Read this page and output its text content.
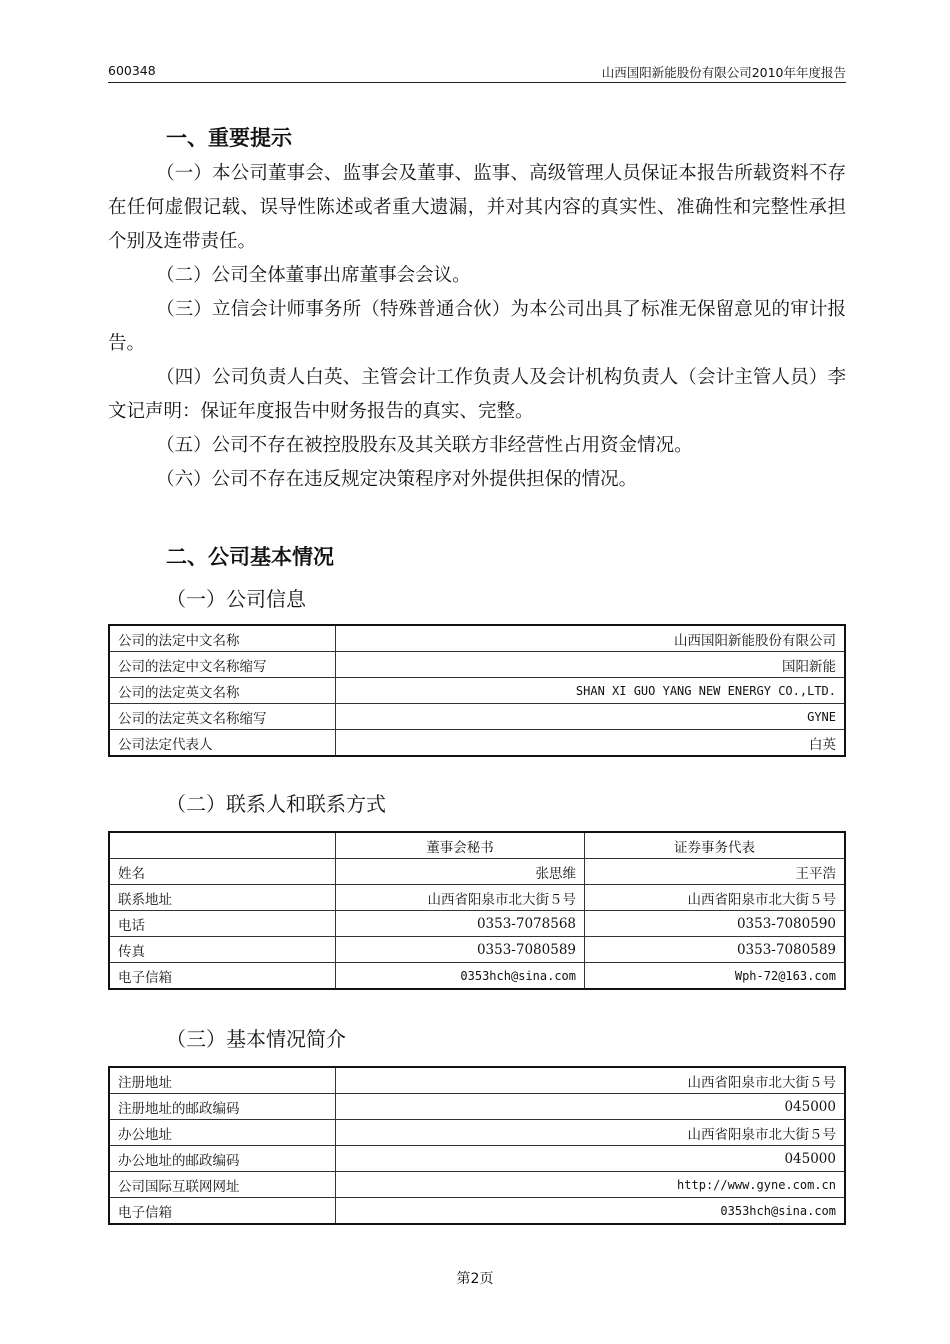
600348	山西国阳新能股份有限公司2010年年度报告
一、重要提示

（一）本公司董事会、监事会及董事、监事、高级管理人员保证本报告所载资料不存在任何虚假记载、误导性陈述或者重大遗漏，并对其内容的真实性、准确性和完整性承担个别及连带责任。

（二）公司全体董事出席董事会会议。

（三）立信会计师事务所（特殊普通合伙）为本公司出具了标准无保留意见的审计报告。

（四）公司负责人白英、主管会计工作负责人及会计机构负责人（会计主管人员）李文记声明：保证年度报告中财务报告的真实、完整。

（五）公司不存在被控股股东及其关联方非经营性占用资金情况。

（六）公司不存在违反规定决策程序对外提供担保的情况。

二、公司基本情况
（一）公司信息
公司的法定中文名称	山西国阳新能股份有限公司
公司的法定中文名称缩写	国阳新能
公司的法定英文名称	SHAN XI GUO YANG NEW ENERGY CO.,LTD.
公司的法定英文名称缩写	GYNE
公司法定代表人	白英
（二）联系人和联系方式
	董事会秘书	证券事务代表
姓名	张思维	王平浩
联系地址	山西省阳泉市北大街５号	山西省阳泉市北大街５号
电话	0353-7078568	0353-7080590
传真	0353-7080589	0353-7080589
电子信箱	0353hch@sina.com	Wph-72@163.com
（三）基本情况简介
注册地址	山西省阳泉市北大街５号
注册地址的邮政编码	045000
办公地址	山西省阳泉市北大街５号
办公地址的邮政编码	045000
公司国际互联网网址	http://www.gyne.com.cn
电子信箱	0353hch@sina.com
第2页
